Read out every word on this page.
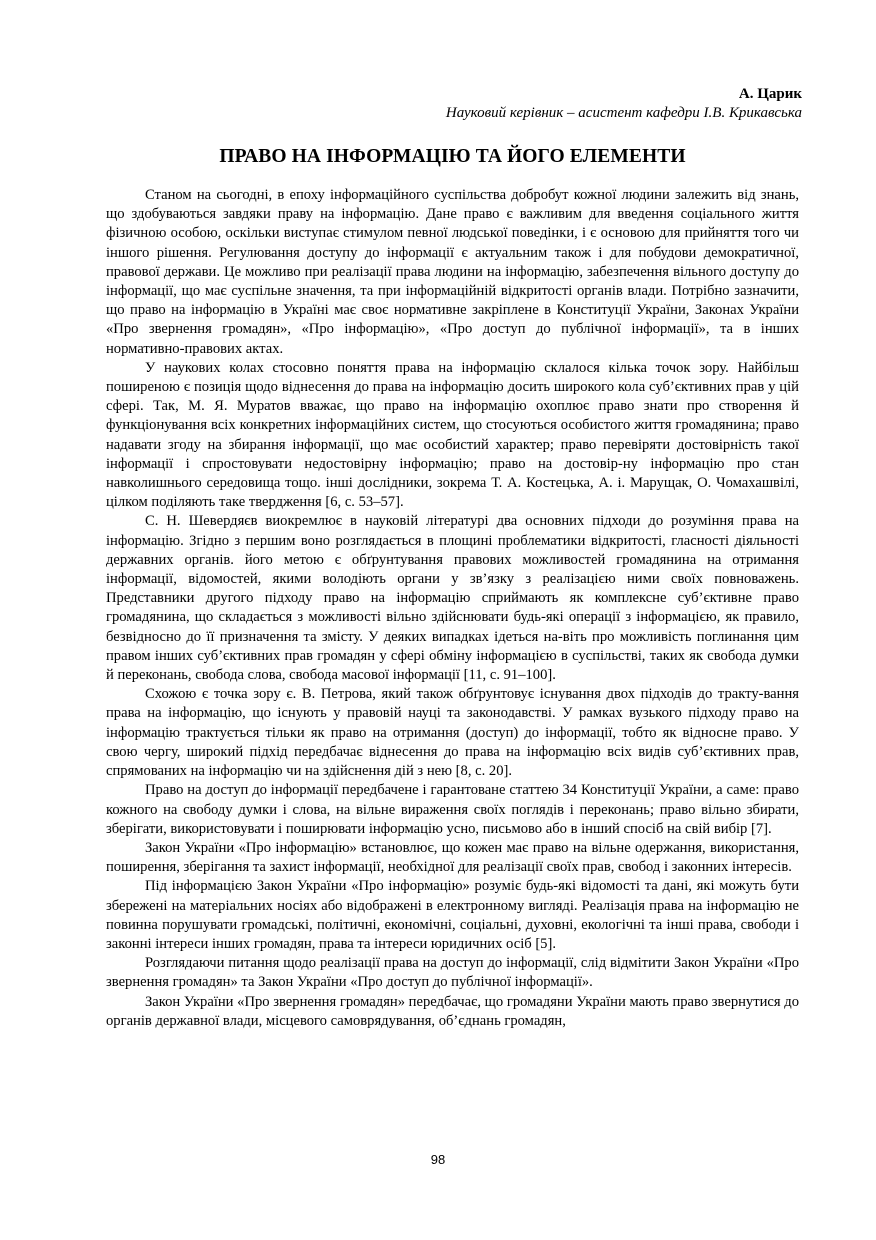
А. Царик
Науковий керівник – асистент кафедри І.В. Крикавська
ПРАВО НА ІНФОРМАЦІЮ ТА ЙОГО ЕЛЕМЕНТИ

Станом на сьогодні, в епоху інформаційного суспільства добробут кожної людини залежить від знань, що здобуваються завдяки праву на інформацію. Дане право є важливим для введення соціального життя фізичною особою, оскільки виступає стимулом певної людської поведінки, і є основою для прийняття того чи іншого рішення. Регулювання доступу до інформації є актуальним також і для побудови демократичної, правової держави. Це можливо при реалізації права людини на інформацію, забезпечення вільного доступу до інформації, що має суспільне значення, та при інформаційній відкритості органів влади. Потрібно зазначити, що право на інформацію в Україні має своє нормативне закріплене в Конституції України, Законах України «Про звернення громадян», «Про інформацію», «Про доступ до публічної інформації», та в інших нормативно-правових актах.

У наукових колах стосовно поняття права на інформацію склалося кілька точок зору. Найбільш поширеною є позиція щодо віднесення до права на інформацію досить широкого кола суб’єктивних прав у цій сфері. Так, М. Я. Муратов вважає, що право на інформацію охоплює право знати про створення й функціонування всіх конкретних інформаційних систем, що стосуються особистого життя громадянина; право надавати згоду на збирання інформації, що має особистий характер; право перевіряти достовірність такої інформації і спростовувати недостовірну інформацію; право на достовір-ну інформацію про стан навколишнього середовища тощо. інші дослідники, зокрема Т. А. Костецька, А. і. Марущак, О. Чомахашвілі, цілком поділяють таке твердження [6, с. 53–57].

С. Н. Шевердяєв виокремлює в науковій літературі два основних підходи до розуміння права на інформацію. Згідно з першим воно розглядається в площині проблематики відкритості, гласності діяльності державних органів. його метою є обґрунтування правових можливостей громадянина на отримання інформації, відомостей, якими володіють органи у зв’язку з реалізацією ними своїх повноважень. Представники другого підходу право на інформацію сприймають як комплексне суб’єктивне право громадянина, що складається з можливості вільно здійснювати будь-які операції з інформацією, як правило, безвідносно до її призначення та змісту. У деяких випадках ідеться на-віть про можливість поглинання цим правом інших суб’єктивних прав громадян у сфері обміну інформацією в суспільстві, таких як свобода думки й переконань, свобода слова, свобода масової інформації [11, с. 91–100].

Схожою є точка зору є. В. Петрова, який також обґрунтовує існування двох підходів до тракту-вання права на інформацію, що існують у правовій науці та законодавстві. У рамках вузького підходу право на інформацію трактується тільки як право на отримання (доступ) до інформації, тобто як відносне право. У свою чергу, широкий підхід передбачає віднесення до права на інформацію всіх видів суб’єктивних прав, спрямованих на інформацію чи на здійснення дій з нею [8, с. 20].

Право на доступ до інформації передбачене і гарантоване статтею 34 Конституції України, а саме: право кожного на свободу думки і слова, на вільне вираження своїх поглядів і переконань; право вільно збирати, зберігати, використовувати і поширювати інформацію усно, письмово або в інший спосіб на свій вибір [7].

Закон України «Про інформацію» встановлює, що кожен має право на вільне одержання, використання, поширення, зберігання та захист інформації, необхідної для реалізації своїх прав, свобод і законних інтересів.

Під інформацією Закон України «Про інформацію» розуміє будь-які відомості та дані, які можуть бути збережені на матеріальних носіях або відображені в електронному вигляді. Реалізація права на інформацію не повинна порушувати громадські, політичні, економічні, соціальні, духовні, екологічні та інші права, свободи і законні інтереси інших громадян, права та інтереси юридичних осіб [5].

Розглядаючи питання щодо реалізації права на доступ до інформації, слід відмітити Закон України «Про звернення громадян» та Закон України «Про доступ до публічної інформації».

Закон України «Про звернення громадян» передбачає, що громадяни України мають право звернутися до органів державної влади, місцевого самоврядування, об’єднань громадян,

98
